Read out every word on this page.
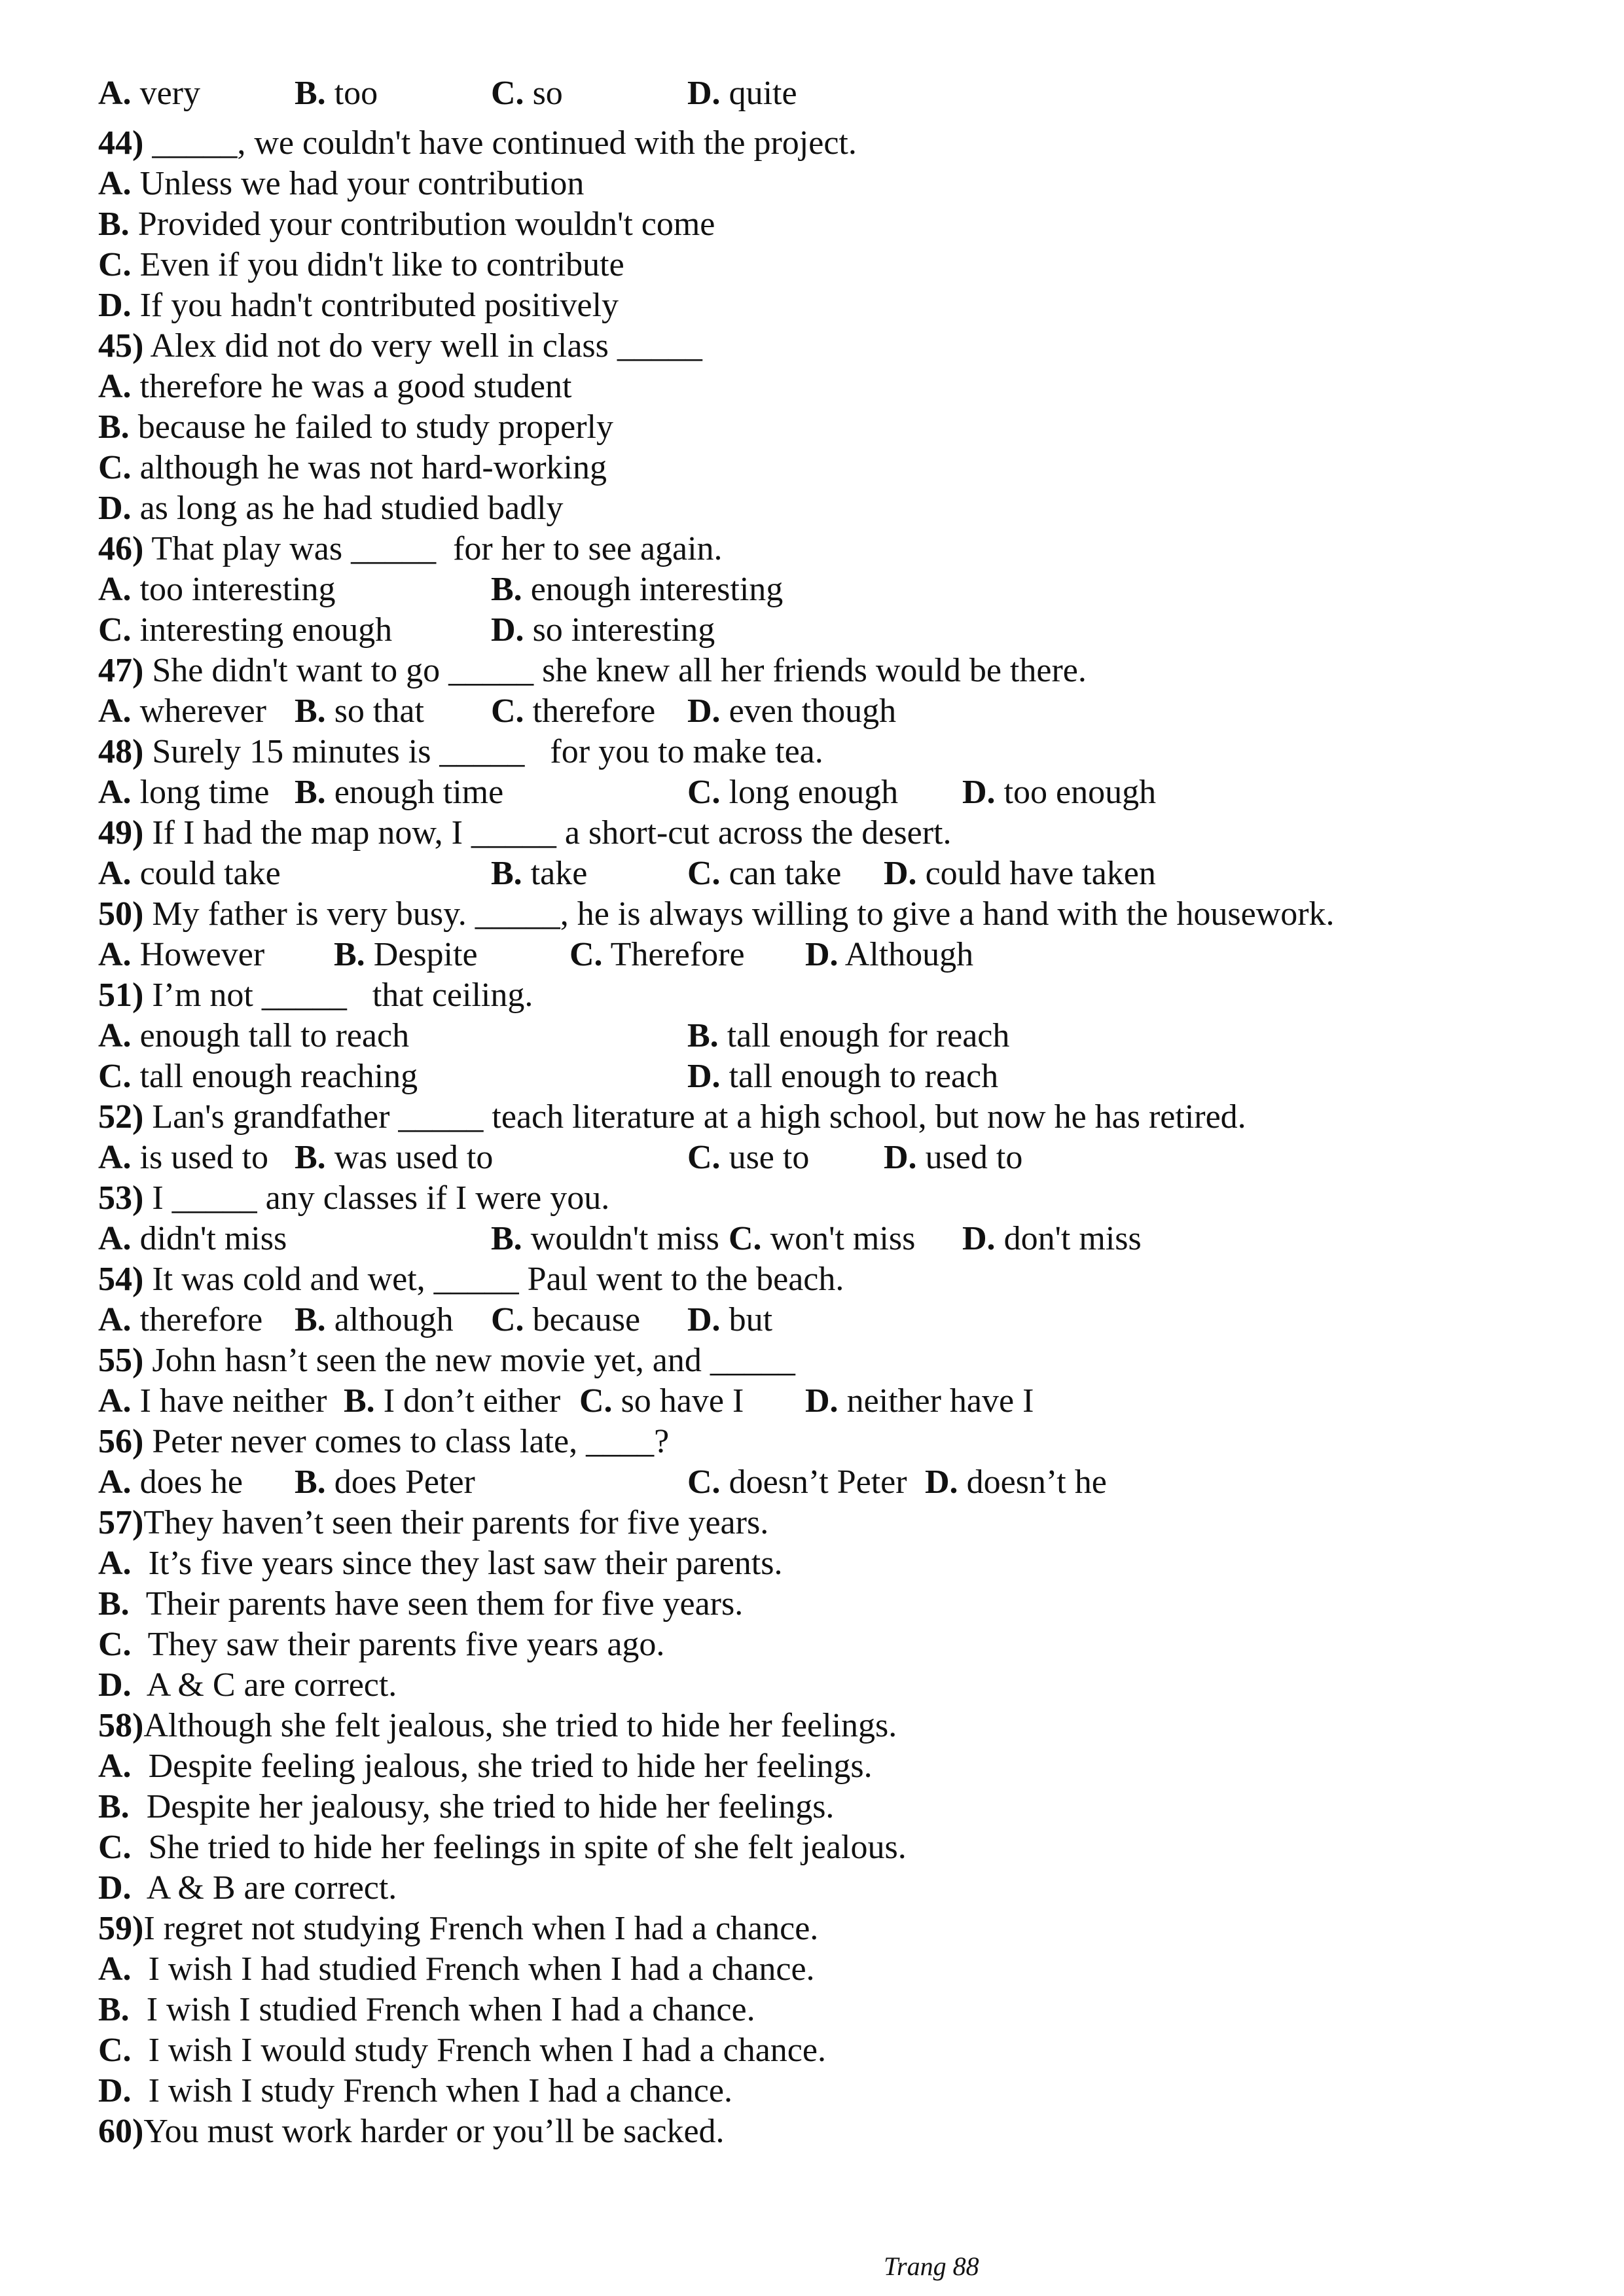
A. very	B. too	C. so	D. quite
44) _____, we couldn't have continued with the project.
A. Unless we had your contribution
B. Provided your contribution wouldn't come
C. Even if you didn't like to contribute
D. If you hadn't contributed positively
45) Alex did not do very well in class _____
A. therefore he was a good student
B. because he failed to study properly
C. although he was not hard-working
D. as long as he had studied badly
46) That play was _____  for her to see again.
A. too interesting	B. enough interesting
C. interesting enough	D. so interesting
47) She didn't want to go _____ she knew all her friends would be there.
A. wherever B. so that C. therefore D. even though
48) Surely 15 minutes is _____   for you to make tea.
A. long time B. enough time	C. long enough D. too enough
49) If I had the map now, I _____ a short-cut across the desert.
A. could take	B. take	C. can take D. could have taken
50) My father is very busy. _____, he is always willing to give a hand with the housework.
A. However B. Despite	C. Therefore D. Although
51) I’m not _____   that ceiling.
A. enough tall to reach	B. tall enough for reach
C. tall enough reaching	D. tall enough to reach
52) Lan's grandfather _____ teach literature at a high school, but now he has retired.
A. is used to B. was used to	C. use to D. used to
53) I _____ any classes if I were you.
A. didn't miss	B. wouldn't miss C. won't miss D. don't miss
54) It was cold and wet, _____ Paul went to the beach.
A. therefore B. although C. because D. but
55) John hasn’t seen the new movie yet, and _____
A. I have neither B. I don’t either C. so have I D. neither have I
56) Peter never comes to class late, ____?
A. does he B. does Peter	C. doesn’t Peter D. doesn’t he
57)They haven’t seen their parents for five years.
A.  It’s five years since they last saw their parents.
B.  Their parents have seen them for five years.
C.  They saw their parents five years ago.
D.  A & C are correct.
58)Although she felt jealous, she tried to hide her feelings.
A.  Despite feeling jealous, she tried to hide her feelings.
B.  Despite her jealousy, she tried to hide her feelings.
C.  She tried to hide her feelings in spite of she felt jealous.
D.  A & B are correct.
59)I regret not studying French when I had a chance.
A.  I wish I had studied French when I had a chance.
B.  I wish I studied French when I had a chance.
C.  I wish I would study French when I had a chance.
D.  I wish I study French when I had a chance.
60)You must work harder or you’ll be sacked.
Trang 88
